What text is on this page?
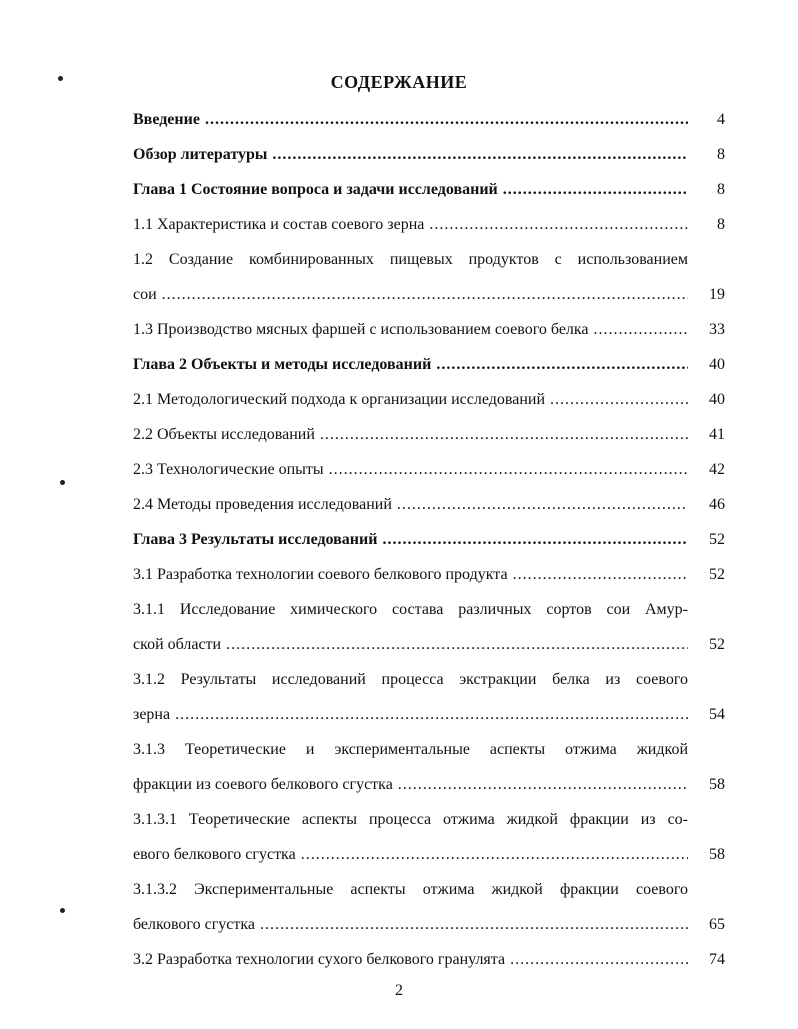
СОДЕРЖАНИЕ
Введение .....	4
Обзор литературы .....	8
Глава 1 Состояние вопроса и задачи исследований .....	8
1.1 Характеристика и состав соевого зерна .....	8
1.2 Создание комбинированных пищевых продуктов с использованием
сои .....	19
1.3 Производство мясных фаршей с использованием соевого белка .....	33
Глава 2 Объекты и методы исследований .....	40
2.1 Методологический подхода к организации исследований .....	40
2.2 Объекты исследований .....	41
2.3 Технологические опыты .....	42
2.4 Методы проведения исследований .....	46
Глава 3 Результаты исследований .....	52
3.1 Разработка технологии соевого белкового продукта .....	52
3.1.1 Исследование химического состава различных сортов сои Амур-
ской области .....	52
3.1.2 Результаты исследований процесса экстракции белка из соевого
зерна .....	54
3.1.3 Теоретические и экспериментальные аспекты отжима жидкой
фракции из соевого белкового сгустка .....	58
3.1.3.1 Теоретические аспекты процесса отжима жидкой фракции из со-
евого белкового сгустка .....	58
3.1.3.2 Экспериментальные аспекты отжима жидкой фракции соевого
белкового сгустка .....	65
3.2 Разработка технологии сухого белкового гранулята .....	74
2
